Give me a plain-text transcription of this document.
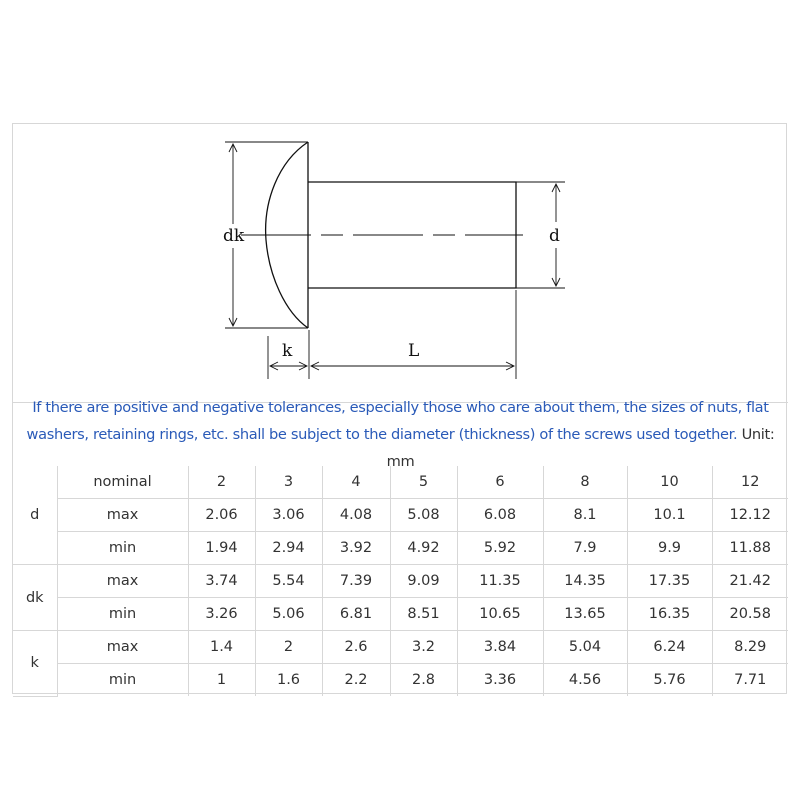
dk	d
k	L
If there are positive and negative tolerances, especially those who care about them, the sizes of nuts, flat washers, retaining rings, etc. shall be subject to the diameter (thickness) of the screws used together. Unit: mm
d	nominal	2	3	4	5	6	8	10	12
	max	2.06	3.06	4.08	5.08	6.08	8.1	10.1	12.12
	min	1.94	2.94	3.92	4.92	5.92	7.9	9.9	11.88
dk	max	3.74	5.54	7.39	9.09	11.35	14.35	17.35	21.42
	min	3.26	5.06	6.81	8.51	10.65	13.65	16.35	20.58
k	max	1.4	2	2.6	3.2	3.84	5.04	6.24	8.29
	min	1	1.6	2.2	2.8	3.36	4.56	5.76	7.71
